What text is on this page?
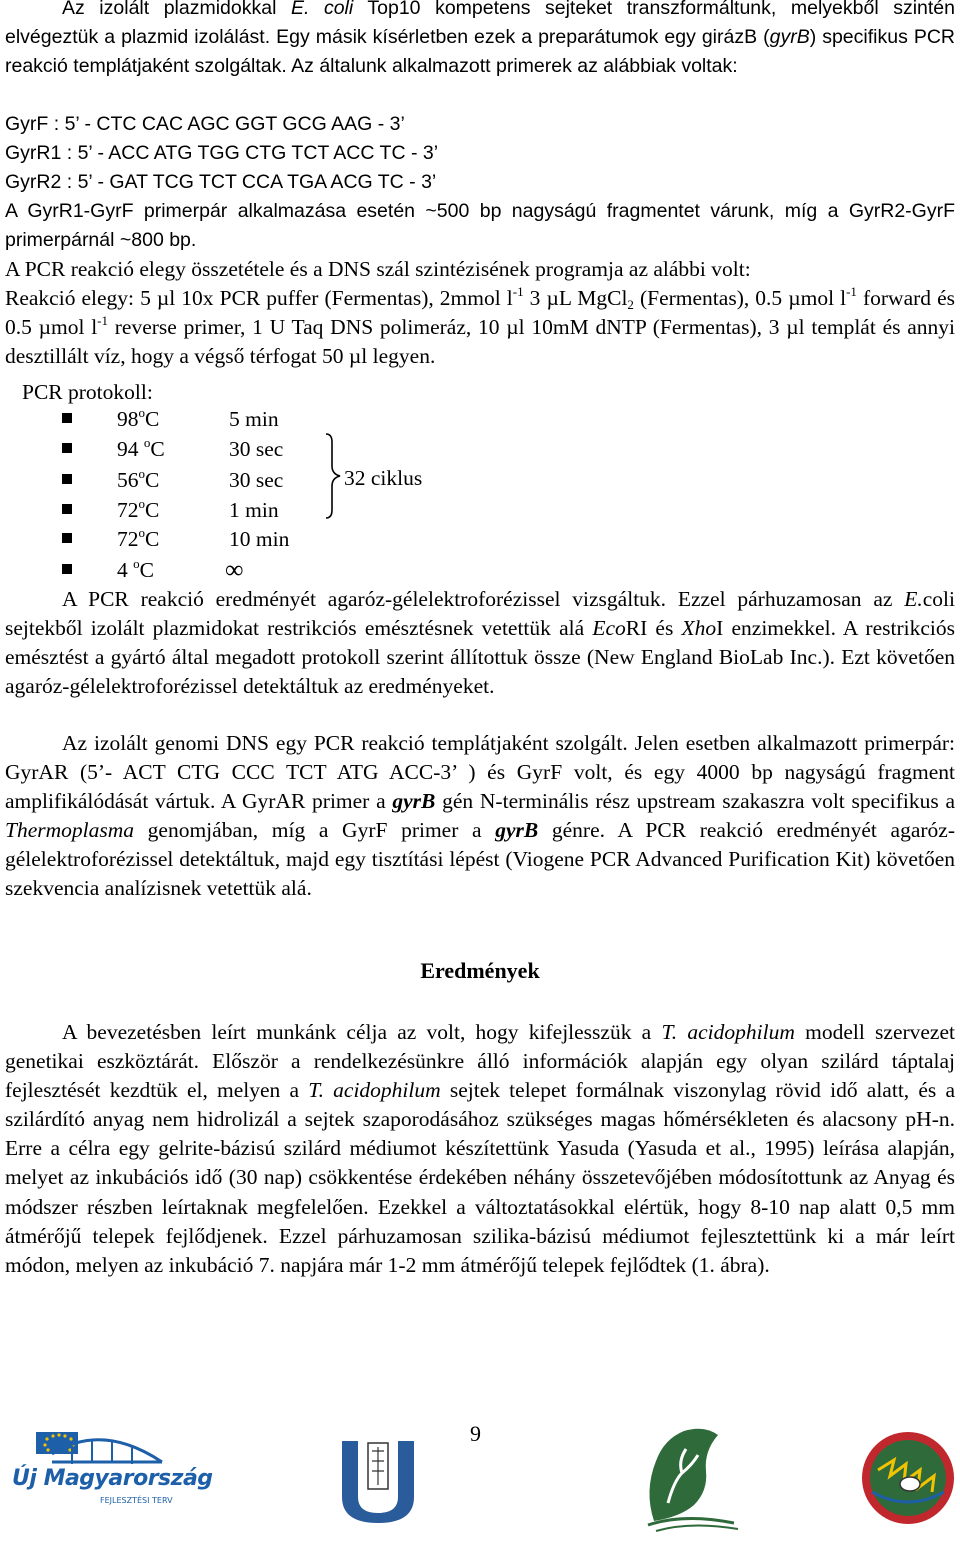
Az izolált plazmidokkal E. coli Top10 kompetens sejteket transzformáltunk, melyekből szintén elvégeztük a plazmid izolálást. Egy másik kísérletben ezek a preparátumok egy girázB (gyrB) specifikus PCR reakció templátjaként szolgáltak. Az általunk alkalmazott primerek az alábbiak voltak:

GyrF : 5’ - CTC CAC AGC GGT GCG AAG - 3’

GyrR1 : 5’ - ACC ATG TGG CTG TCT ACC TC - 3’

GyrR2 : 5’ - GAT TCG TCT CCA TGA ACG TC - 3’

A GyrR1-GyrF primerpár alkalmazása esetén ~500 bp nagyságú fragmentet várunk, míg a GyrR2-GyrF primerpárnál ~800 bp.

A PCR reakció elegy összetétele és a DNS szál szintézisének programja az alábbi volt:

Reakció elegy: 5 µl 10x PCR puffer (Fermentas), 2mmol $l^{-1}$ 3 µL MgCl$_2$ (Fermentas), 0.5 µmol $l^{-1}$ forward és 0.5 µmol $l^{-1}$ reverse primer, 1 U Taq DNS polimeráz, 10 µl 10mM dNTP (Fermentas), 3 µl templát és annyi desztillált víz, hogy a végső térfogat 50 µl legyen.

PCR protokoll:
98$^o$C	5 min
94 $^o$C	30 sec
56$^o$C	30 sec
72$^o$C	1 min
72$^o$C	10 min
4 $^o$C	∞
32 ciklus

A PCR reakció eredményét agaróz-gélelektroforézissel vizsgáltuk. Ezzel párhuzamosan az E.coli sejtekből izolált plazmidokat restrikciós emésztésnek vetettük alá EcoRI és XhoI enzimekkel. A restrikciós emésztést a gyártó által megadott protokoll szerint állítottuk össze (New England BioLab Inc.). Ezt követően agaróz-gélelektroforézissel detektáltuk az eredményeket.

Az izolált genomi DNS egy PCR reakció templátjaként szolgált. Jelen esetben alkalmazott primerpár: GyrAR (5’- ACT CTG CCC TCT ATG ACC-3’ ) és GyrF volt, és egy 4000 bp nagyságú fragment amplifikálódását vártuk. A GyrAR primer a gyrB gén N-terminális rész upstream szakaszra volt specifikus a Thermoplasma genomjában, míg a GyrF primer a gyrB génre. A PCR reakció eredményét agaróz-gélelektroforézissel detektáltuk, majd egy tisztítási lépést (Viogene PCR Advanced Purification Kit) követően szekvencia analízisnek vetettük alá.

Eredmények

A bevezetésben leírt munkánk célja az volt, hogy kifejlesszük a T. acidophilum modell szervezet genetikai eszköztárát. Először a rendelkezésünkre álló információk alapján egy olyan szilárd táptalaj fejlesztését kezdtük el, melyen a T. acidophilum sejtek telepet formálnak viszonylag rövid idő alatt, és a szilárdító anyag nem hidrolizál a sejtek szaporodásához szükséges magas hőmérsékleten és alacsony pH-n. Erre a célra egy gelrite-bázisú szilárd médiumot készítettünk Yasuda (Yasuda et al., 1995) leírása alapján, melyet az inkubációs idő (30 nap) csökkentése érdekében néhány összetevőjében módosítottunk az Anyag és módszer részben leírtaknak megfelelően. Ezekkel a változtatásokkal elértük, hogy 8-10 nap alatt 0,5 mm átmérőjű telepek fejlődjenek. Ezzel párhuzamosan szilika-bázisú médiumot fejlesztettünk ki a már leírt módon, melyen az inkubáció 7. napjára már 1-2 mm átmérőjű telepek fejlődtek (1. ábra).

9
Új Magyarország
FEJLESZTÉSI TERV
